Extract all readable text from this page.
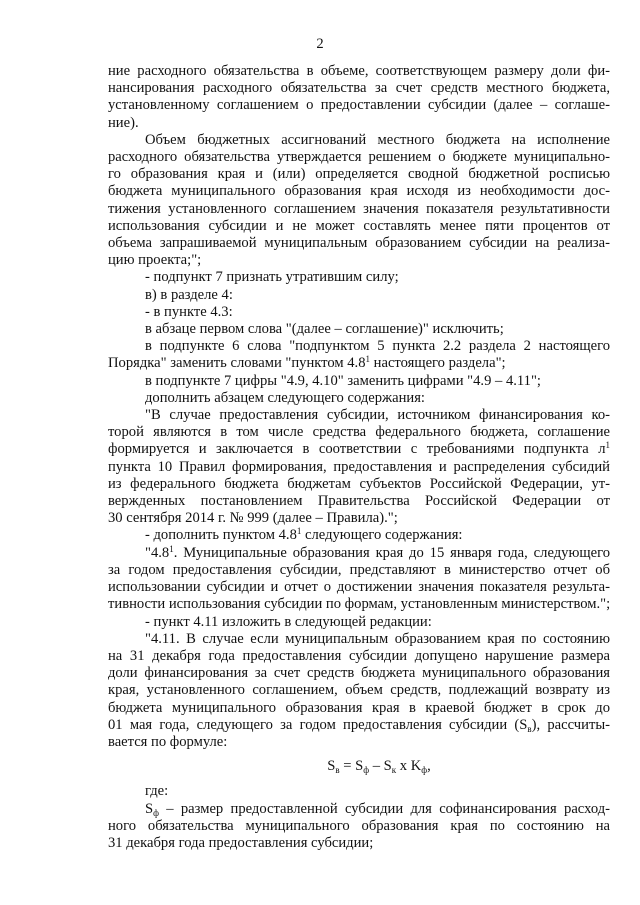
2

ние расходного обязательства в объеме, соответствующем размеру доли фи-
нансирования расходного обязательства за счет средств местного бюджета,
установленному соглашением о предоставлении субсидии (далее – соглаше-
ние).

Объем бюджетных ассигнований местного бюджета на исполнение
расходного обязательства утверждается решением о бюджете муниципально-
го образования края и (или) определяется сводной бюджетной росписью
бюджета муниципального образования края исходя из необходимости дос-
тижения установленного соглашением значения показателя результативности
использования субсидии и не может составлять менее пяти процентов от
объема запрашиваемой муниципальным образованием субсидии на реализа-
цию проекта;";

- подпункт 7 признать утратившим силу;

в) в разделе 4:

- в пункте 4.3:

в абзаце первом слова "(далее – соглашение)" исключить;

в подпункте 6 слова "подпунктом 5 пункта 2.2 раздела 2 настоящего
Порядка" заменить словами "пунктом $4.8^1$ настоящего раздела";

в подпункте 7 цифры "4.9, 4.10" заменить цифрами "4.9 – 4.11";

дополнить абзацем следующего содержания:

"В случае предоставления субсидии, источником финансирования ко-
торой являются в том числе средства федерального бюджета, соглашение
формируется и заключается в соответствии с требованиями подпункта $л^1$
пункта 10 Правил формирования, предоставления и распределения субсидий
из федерального бюджета бюджетам субъектов Российской Федерации, ут-
вержденных постановлением Правительства Российской Федерации от
30 сентября 2014 г. № 999 (далее – Правила).";

- дополнить пунктом $4.8^1$ следующего содержания:

"$4.8^1$. Муниципальные образования края до 15 января года, следующего
за годом предоставления субсидии, представляют в министерство отчет об
использовании субсидии и отчет о достижении значения показателя результа-
тивности использования субсидии по формам, установленным министерством.";

- пункт 4.11 изложить в следующей редакции:

"4.11. В случае если муниципальным образованием края по состоянию
на 31 декабря года предоставления субсидии допущено нарушение размера
доли финансирования за счет средств бюджета муниципального образования
края, установленного соглашением, объем средств, подлежащий возврату из
бюджета муниципального образования края в краевой бюджет в срок до
01 мая года, следующего за годом предоставления субсидии $(S_в)$, рассчиты-
вается по формуле:

$S_в = S_ф - S_к$ x $K_ф$,

где:

$S_ф$ – размер предоставленной субсидии для софинансирования расход-
ного обязательства муниципального образования края по состоянию на
31 декабря года предоставления субсидии;
